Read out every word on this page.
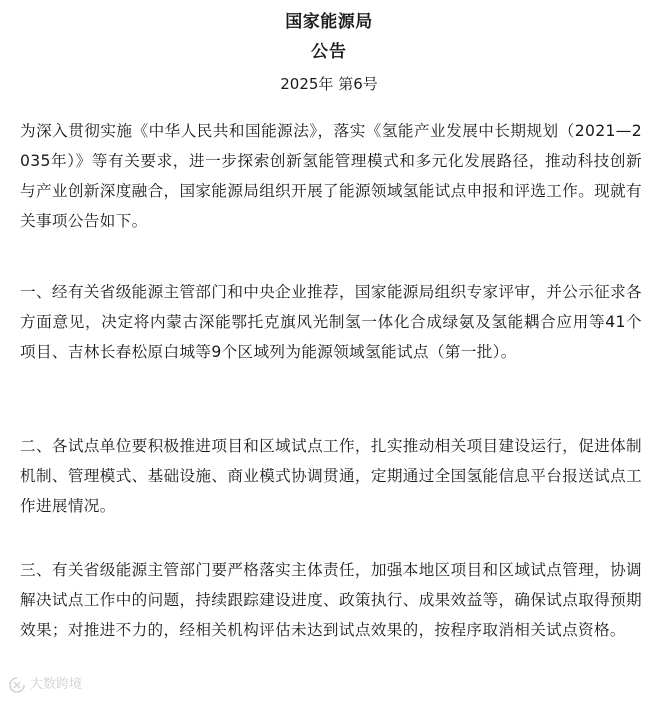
国家能源局
公告
2025年 第6号

为深入贯彻实施《中华人民共和国能源法》，落实《氢能产业发展中长期规划（2021—2035年）》等有关要求，进一步探索创新氢能管理模式和多元化发展路径，推动科技创新与产业创新深度融合，国家能源局组织开展了能源领域氢能试点申报和评选工作。现就有关事项公告如下。

一、经有关省级能源主管部门和中央企业推荐，国家能源局组织专家评审，并公示征求各方面意见，决定将内蒙古深能鄂托克旗风光制氢一体化合成绿氨及氢能耦合应用等41个项目、吉林长春松原白城等9个区域列为能源领域氢能试点（第一批）。

二、各试点单位要积极推进项目和区域试点工作，扎实推动相关项目建设运行，促进体制机制、管理模式、基础设施、商业模式协调贯通，定期通过全国氢能信息平台报送试点工作进展情况。

三、有关省级能源主管部门要严格落实主体责任，加强本地区项目和区域试点管理，协调解决试点工作中的问题，持续跟踪建设进度、政策执行、成果效益等，确保试点取得预期效果；对推进不力的，经相关机构评估未达到试点效果的，按程序取消相关试点资格。

大数跨境
